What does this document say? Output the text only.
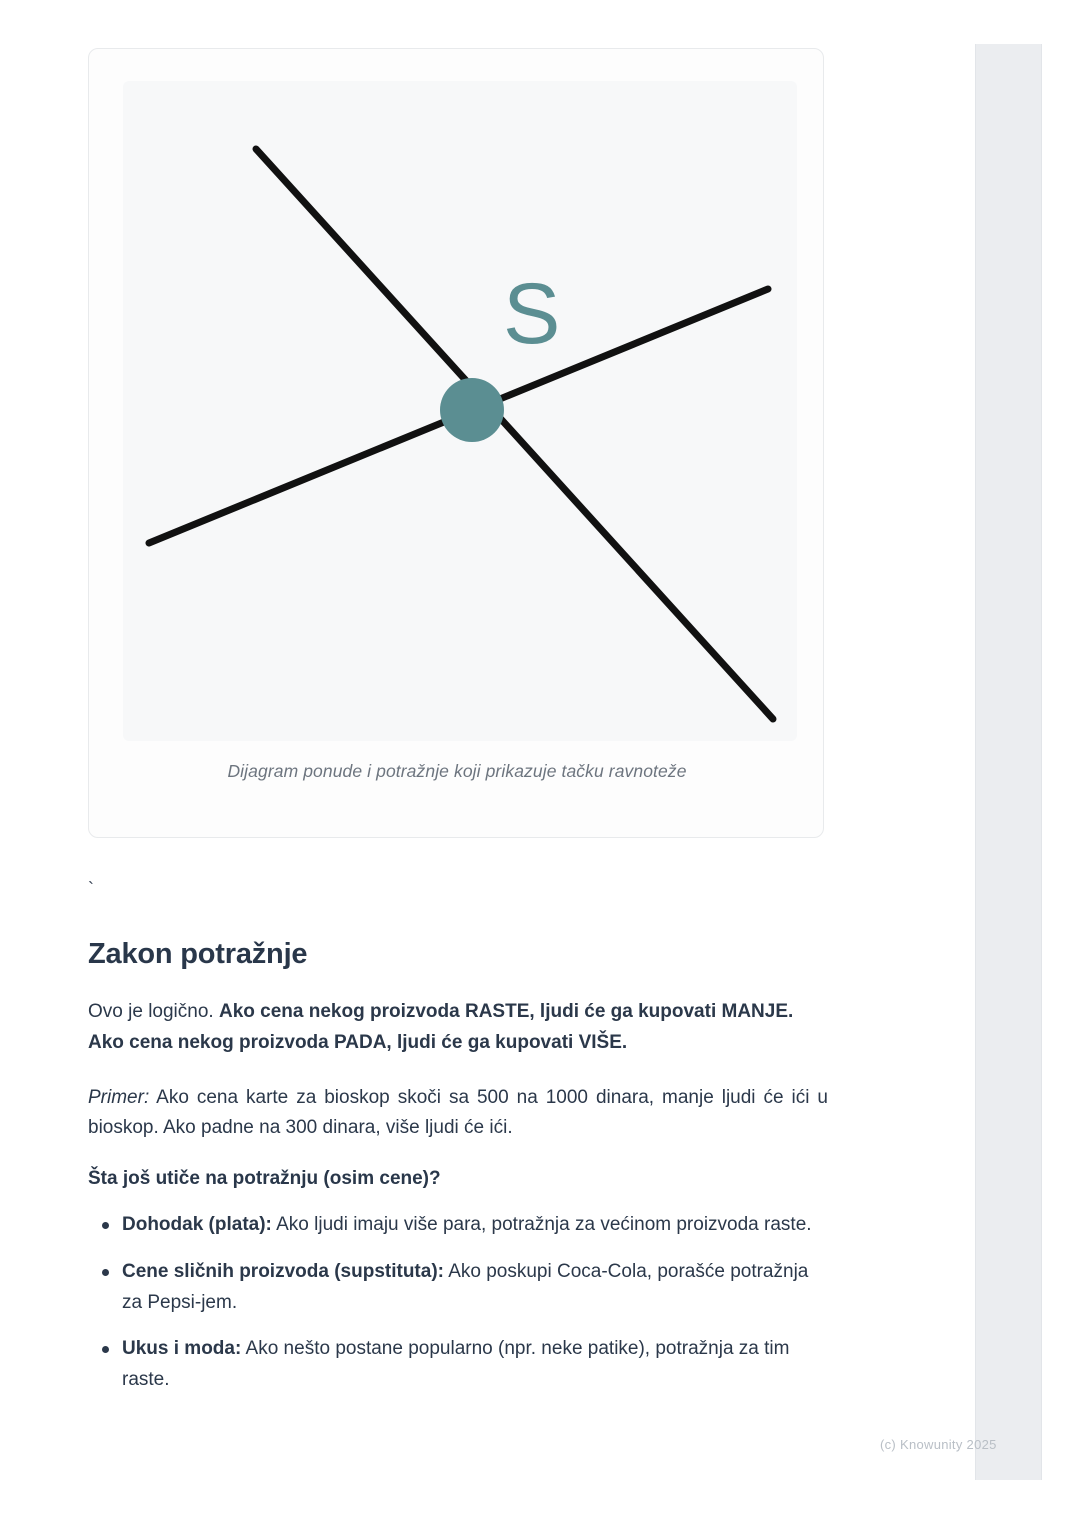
S
Dijagram ponude i potražnje koji prikazuje tačku ravnoteže

`

Zakon potražnje

Ovo je logično. Ako cena nekog proizvoda RASTE, ljudi će ga kupovati MANJE. Ako cena nekog proizvoda PADA, ljudi će ga kupovati VIŠE.

Primer: Ako cena karte za bioskop skoči sa 500 na 1000 dinara, manje ljudi će ići u bioskop. Ako padne na 300 dinara, više ljudi će ići.

Šta još utiče na potražnju (osim cene)?

Dohodak (plata): Ako ljudi imaju više para, potražnja za većinom proizvoda raste.
Cene sličnih proizvoda (supstituta): Ako poskupi Coca-Cola, porašće potražnja za Pepsi-jem.
Ukus i moda: Ako nešto postane popularno (npr. neke patike), potražnja za tim raste.
(c) Knowunity 2025
